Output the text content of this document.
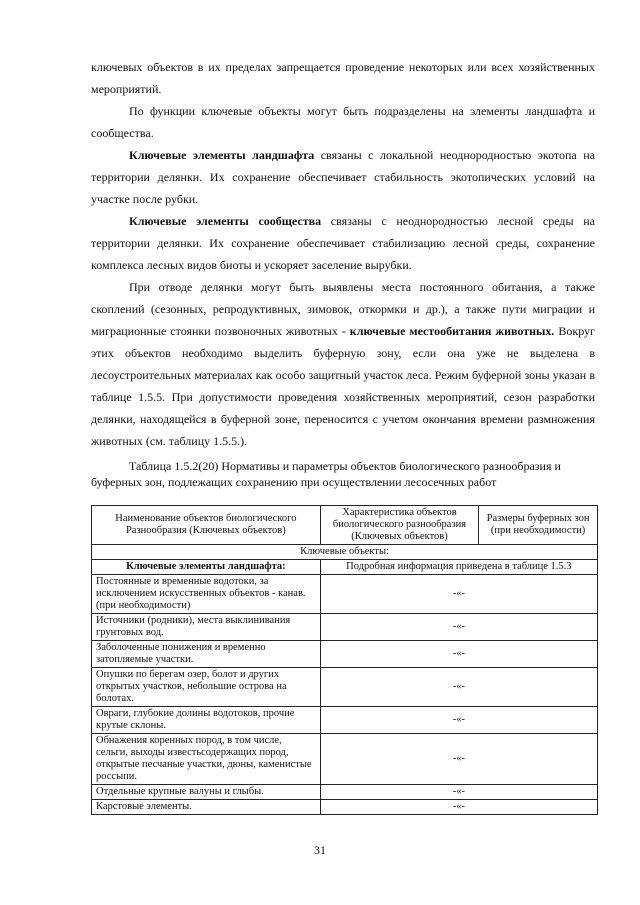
ключевых объектов в их пределах запрещается проведение некоторых или всех хозяйственных мероприятий.

По функции ключевые объекты могут быть подразделены на элементы ландшафта и сообщества.

Ключевые элементы ландшафта связаны с локальной неоднородностью экотопа на территории делянки. Их сохранение обеспечивает стабильность экотопических условий на участке после рубки.

Ключевые элементы сообщества связаны с неоднородностью лесной среды на территории делянки. Их сохранение обеспечивает стабилизацию лесной среды, сохранение комплекса лесных видов биоты и ускоряет заселение вырубки.

При отводе делянки могут быть выявлены места постоянного обитания, а также скоплений (сезонных, репродуктивных, зимовок, откормки и др.), а также пути миграции и миграционные стоянки позвоночных животных - ключевые местообитания животных. Вокруг этих объектов необходимо выделить буферную зону, если она уже не выделена в лесоустроительных материалах как особо защитный участок леса. Режим буферной зоны указан в таблице 1.5.5. При допустимости проведения хозяйственных мероприятий, сезон разработки делянки, находящейся в буферной зоне, переносится с учетом окончания времени размножения животных (см. таблицу 1.5.5.).

Таблица 1.5.2(20) Нормативы и параметры объектов биологического разнообразия и буферных зон, подлежащих сохранению при осуществлении лесосечных работ
Наименование объектов биологического Разнообразия (Ключевых объектов)	Характеристика объектов биологического разнообразия (Ключевых объектов)	Размеры буферных зон (при необходимости)
Ключевые объекты:		
Ключевые элементы ландшафта:	Подробная информация приведена в таблице 1.5.3	
Постоянные и временные водотоки, за исключением искусственных объектов - канав. (при необходимости)	-«-	
Источники (родники), места выклинивания грунтовых вод.	-«-	
Заболоченные понижения и временно затопляемые участки.	-«-	
Опушки по берегам озер, болот и других открытых участков, небольшие острова на болотах.	-«-	
Овраги, глубокие долины водотоков, прочие крутые склоны.	-«-	
Обнажения коренных пород, в том числе, сельги, выходы известьсодержащих пород, открытые песчаные участки, дюны, каменистые россыпи.	-«-	
Отдельные крупные валуны и глыбы.	-«-	
Карстовые элементы.	-«-	
31
